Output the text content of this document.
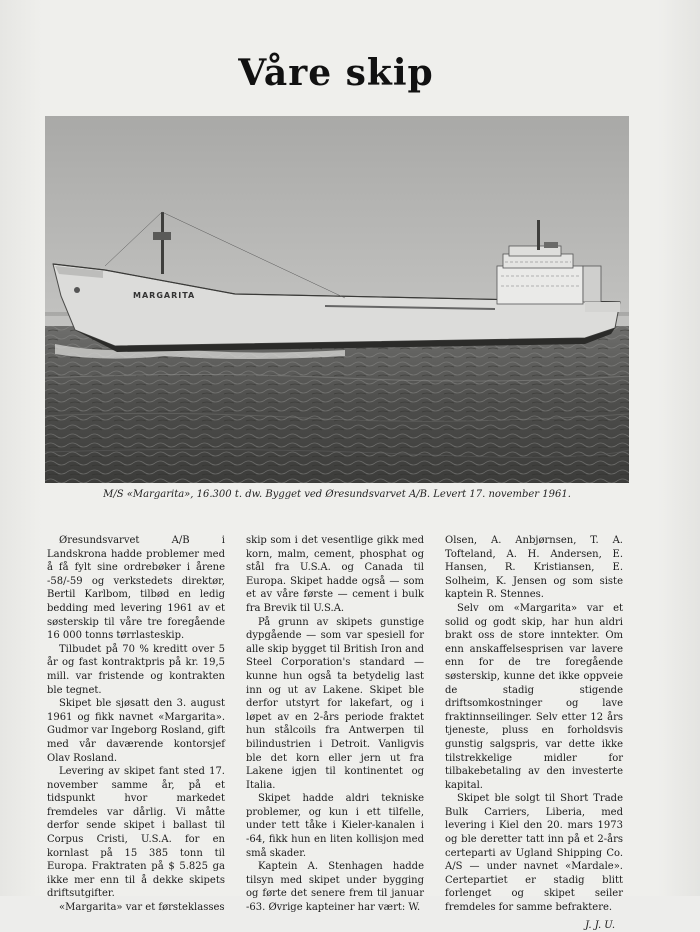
Våre skip
MARGARITA
M/S «Margarita», 16.300 t. dw. Bygget ved Øresundsvarvet A/B. Levert 17. november 1961.

Øresundsvarvet A/B i Landskrona hadde problemer med å få fylt sine ordrebøker i årene -58/-59 og verkstedets direktør, Bertil Karlbom, tilbød en ledig bedding med levering 1961 av et søsterskip til våre tre foregående 16 000 tonns tørrlasteskip.

Tilbudet på 70 % kreditt over 5 år og fast kontraktpris på kr. 19,5 mill. var fristende og kontrakten ble tegnet.

Skipet ble sjøsatt den 3. august 1961 og fikk navnet «Margarita». Gudmor var Ingeborg Rosland, gift med vår daværende kontorsjef Olav Rosland.

Levering av skipet fant sted 17. november samme år, på et tidspunkt hvor markedet fremdeles var dårlig. Vi måtte derfor sende skipet i ballast til Corpus Cristi, U.S.A. for en kornlast på 15 385 tonn til Europa. Fraktraten på $ 5.825 ga ikke mer enn til å dekke skipets driftsutgifter.

«Margarita» var et førsteklasses

skip som i det vesentlige gikk med korn, malm, cement, phosphat og stål fra U.S.A. og Canada til Europa. Skipet hadde også — som et av våre første — cement i bulk fra Brevik til U.S.A.

På grunn av skipets gunstige dypgående — som var spesiell for alle skip bygget til British Iron and Steel Corporation's standard — kunne hun også ta betydelig last inn og ut av Lakene. Skipet ble derfor utstyrt for lakefart, og i løpet av en 2-års periode fraktet hun stålcoils fra Antwerpen til bilindustrien i Detroit. Vanligvis ble det korn eller jern ut fra Lakene igjen til kontinentet og Italia.

Skipet hadde aldri tekniske problemer, og kun i ett tilfelle, under tett tåke i Kieler-kanalen i -64, fikk hun en liten kollisjon med små skader.

Kaptein A. Stenhagen hadde tilsyn med skipet under bygging og førte det senere frem til januar -63. Øvrige kapteiner har vært: W.

Olsen, A. Anbjørnsen, T. A. Tofteland, A. H. Andersen, E. Hansen, R. Kristiansen, E. Solheim, K. Jensen og som siste kaptein R. Stennes.

Selv om «Margarita» var et solid og godt skip, har hun aldri brakt oss de store inntekter. Om enn anskaffelsesprisen var lavere enn for de tre foregående søsterskip, kunne det ikke oppveie de stadig stigende driftsomkostninger og lave fraktinnseilinger. Selv etter 12 års tjeneste, pluss en forholdsvis gunstig salgspris, var dette ikke tilstrekkelige midler for tilbakebetaling av den investerte kapital.

Skipet ble solgt til Short Trade Bulk Carriers, Liberia, med levering i Kiel den 20. mars 1973 og ble deretter tatt inn på et 2-års certeparti av Ugland Shipping Co. A/S — under navnet «Mardale». Certepartiet er stadig blitt forlenget og skipet seiler fremdeles for samme befraktere.

J. J. U.
